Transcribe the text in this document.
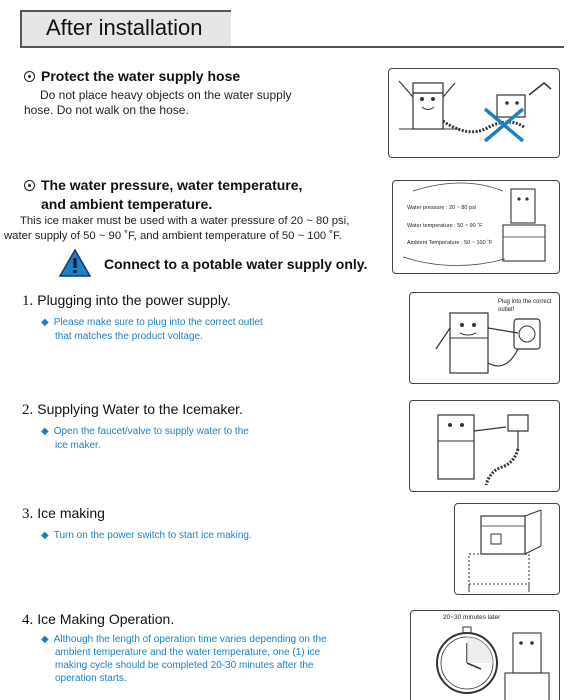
After installation
Protect the water supply hose
Do not place heavy objects on the water supply
hose. Do not walk on the hose.
The water pressure, water temperature,
and ambient temperature.
This ice maker must be used with a water pressure of 20 ~ 80 psi,
water supply of 50 ~ 90 ˚F, and ambient temperature of 50 ~ 100 ˚F.
Connect to a potable water supply only.
Water pressure : 20 ~ 80 psi
Water temperature : 50 ~ 90 ˚F
Ambient Temperature : 50 ~ 100 ˚F
1. Plugging into the power supply.
◆ Please make sure to plug into the correct outlet
that matches the product voltage.
Plug into the correct
outlet!
2. Supplying Water to the Icemaker.
◆ Open the faucet/valve to supply water to the
ice maker.
3. Ice making
◆ Turn on the power switch to start ice making.
4. Ice Making Operation.
◆ Although the length of operation time varies depending on the
ambient temperature and the water temperature, one (1) ice
making cycle should be completed 20-30 minutes after the
operation starts.
20~30 minutes later
